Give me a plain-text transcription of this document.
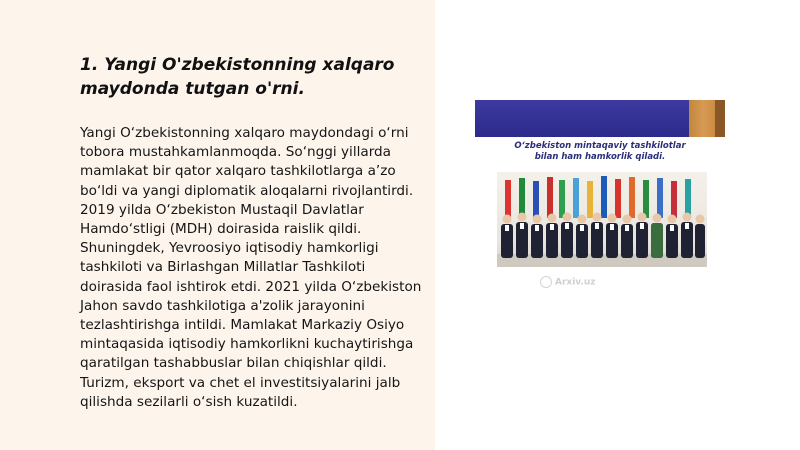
1. Yangi O'zbekistonning xalqaro maydonda tutgan o'rni.

Yangi O‘zbekistonning xalqaro maydondagi o‘rni tobora mustahkamlanmoqda. So‘nggi yillarda mamlakat bir qator xalqaro tashkilotlarga a’zo bo‘ldi va yangi diplomatik aloqalarni rivojlantirdi. 2019 yilda O‘zbekiston Mustaqil Davlatlar Hamdo‘stligi (MDH) doirasida raislik qildi. Shuningdek, Yevroosiyo iqtisodiy hamkorligi tashkiloti va Birlashgan Millatlar Tashkiloti doirasida faol ishtirok etdi. 2021 yilda O‘zbekiston Jahon savdo tashkilotiga a'zolik jarayonini tezlashtirishga intildi. Mamlakat Markaziy Osiyo mintaqasida iqtisodiy hamkorlikni kuchaytirishga qaratilgan tashabbuslar bilan chiqishlar qildi. Turizm, eksport va chet el investitsiyalarini jalb qilishda sezilarli o‘sish kuzatildi.

O‘zbekiston mintaqaviy tashkilotlar
bilan ham hamkorlik qiladi.
Arxiv.uz
